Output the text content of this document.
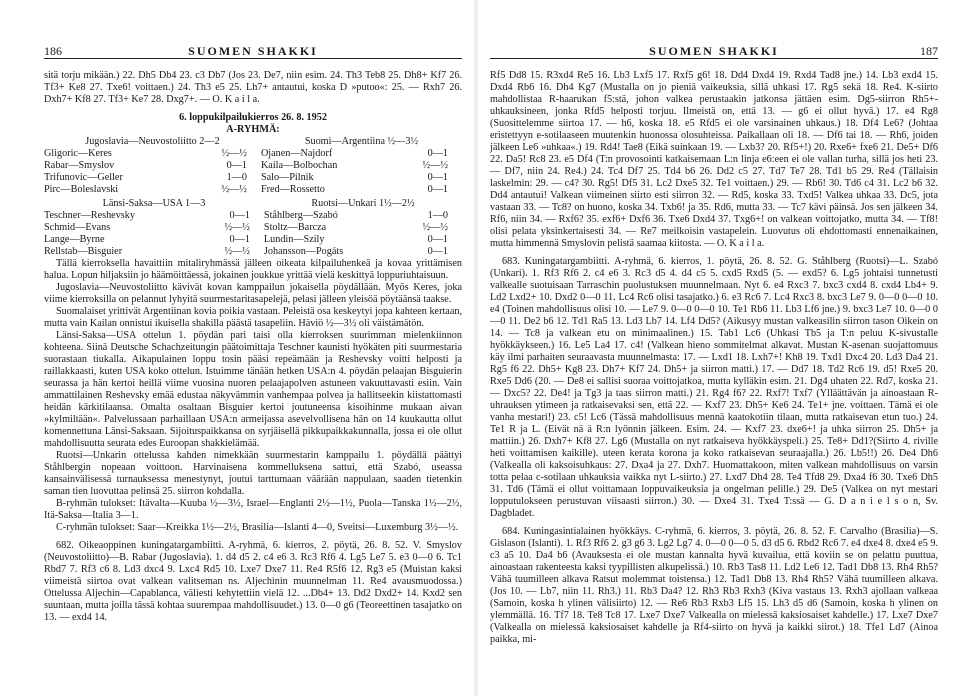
186	SUOMEN SHAKKI

sitä torju mikään.) 22. Dh5 Db4 23. c3 Db7 (Jos 23. De7, niin esim. 24. Th3 Teb8 25. Dh8+ Kf7 26. Tf3+ Ke8 27. Txe6! voittaen.) 24. Th3 e5 25. Lh7+ antautui, koska D »putoo«: 25. — Rxh7 26. Dxh7+ Kf8 27. Tf3+ Ke7 28. Dxg7+. — O. K a i l a.

6. loppukilpailukierros 26. 8. 1952

A-RYHMÄ:

Jugoslavia—Neuvostoliitto 2—2		Suomi—Argentiina ½—3½	
Gligoric—Keres	½—½	Ojanen—Najdorf	0—1
Rabar—Smyslov	0—1	Kaila—Bolbochan	½—½
Trifunovic—Geller	1—0	Salo—Pilnik	0—1
Pirc—Boleslavski	½—½	Fred—Rossetto	0—1
Länsi-Saksa—USA 1—3		Ruotsi—Unkari 1½—2½	
Teschner—Reshevsky	0—1	Ståhlberg—Szabó	1—0
Schmid—Evans	½—½	Stoltz—Barcza	½—½
Lange—Byrne	0—1	Lundin—Szily	0—1
Rellstab—Bisguier	½—½	Johansson—Pogáts	0—1

Tällä kierroksella havaittiin mitaliryhmässä jälleen oikeata kilpailuhenkeä ja kovaa yrittämisen halua. Lopun hiljaksiin jo häämöittäessä, jokainen joukkue yrittää vielä keskittyä loppuriuhtaisuun.

Jugoslavia—Neuvostoliitto kävivät kovan kamppailun jokaisella pöydällään. Myös Keres, joka viime kierroksilla on pelannut lyhyitä suurmestaritasapelejä, pelasi jälleen yleisöä pöytäänsä taakse.

Suomalaiset yrittivät Argentiinan kovia poikia vastaan. Peleistä osa keskeytyi jopa kahteen kertaan, mutta vain Kailan onnistui ikuisella shakilla päästä tasapeliin. Häviö ½—3½ oli väistämätön.

Länsi-Saksa—USA ottelun 1. pöydän pari taisi olla kierroksen suurimman mielenkiinnon kohteena. Siinä Deutsche Schachzeitungin päätoimittaja Teschner kaunisti hyökäten piti suurmestaria suorastaan tiukalla. Aikapulainen loppu tosin pääsi repeämään ja Reshevsky voitti helposti ja raillakkaasti, kuten USA koko ottelun. Istuimme tänään hetken USA:n 4. pöydän pelaajan Bisguierin seurassa ja hän kertoi heillä viime vuosina nuoren pelaajapolven astuneen vakuuttavasti esiin. Vain ammattilainen Reshevsky emää edustaa näkyvämmin vanhempaa polvea ja hallitseekin kiistattomasti heidän kärkitilaansa. Omalta osaltaan Bisguier kertoi joutuneensa kisoihinme mukaan aivan »kylmiltään«. Palvelussaan parhaillaan USA:n armeijassa asevelvollisena hän on 14 kuukautta ollut komennettuna Länsi-Saksaan. Sijoituspaikkansa on syrjäisellä pikkupaikkakunnalla, jossa ei ole ollut mahdollisuutta seurata edes Euroopan shakkielämää.

Ruotsi—Unkarin ottelussa kahden nimekkään suurmestarin kamppailu 1. pöydällä päättyi Ståhlbergin nopeaan voittoon. Harvinaisena kommelluksena sattui, että Szabó, useassa kansainvälisessä turnauksessa menestynyt, joutui tarttumaan väärään nappulaan, saaden tietenkin saman tien luovuttaa pelinsä 25. siirron kohdalla.

B-ryhmän tulokset: Itävalta—Kuuba ½—3½, Israel—Englanti 2½—1½, Puola—Tanska 1½—2½, Itä-Saksa—Italia 3—1.

C-ryhmän tulokset: Saar—Kreikka 1½—2½, Brasilia—Islanti 4—0, Sveitsi—Luxemburg 3½—½.

682. Oikeaoppinen kuningatargambiitti. A-ryhmä, 6. kierros, 2. pöytä, 26. 8. 52. V. Smyslov (Neuvostoliitto)—B. Rabar (Jugoslavia). 1. d4 d5 2. c4 e6 3. Rc3 Rf6 4. Lg5 Le7 5. e3 0—0 6. Tc1 Rbd7 7. Rf3 c6 8. Ld3 dxc4 9. Lxc4 Rd5 10. Lxe7 Dxe7 11. Re4 R5f6 12. Rg3 e5 (Muistan kaksi viimeistä siirtoa ovat valkean valitseman ns. Aljechinin muunnelman 11. Re4 avausmuodossa.) Ottelussa Aljechin—Capablanca, väliesti kehytettiin vielä 12. ...Db4+ 13. Dd2 Dxd2+ 14. Kxd2 sen suuntaan, mutta joilla tässä kohtaa suurempaa mahdollisuudet.) 13. 0—0 g6 (Teoreettinen tasajatko on 13. — exd4 14.

SUOMEN SHAKKI	187

Rf5 Dd8 15. R3xd4 Re5 16. Lb3 Lxf5 17. Rxf5 g6! 18. Dd4 Dxd4 19. Rxd4 Tad8 jne.) 14. Lb3 exd4 15. Dxd4 Rb6 16. Dh4 Kg7 (Mustalla on jo pieniä vaikeuksia, sillä uhkasi 17. Rg5 sekä 18. Re4. K-siirto mahdollistaa R-haarukan f5:stä, johon valkea perustaakin jatkonsa jättäen esim. Dg5-siirron Rh5+-uhkauksineen, jonka Rfd5 helposti torjuu. Ilmeistä on, että 13. — g6 ei ollut hyvä.) 17. e4 Rg8 (Suosittelemme siirtoa 17. — h6, koska 18. e5 Rfd5 ei ole varsinainen uhkaus.) 18. Df4 Le6? (Johtaa eristettyyn e-sotilaaseen muutenkin huonossa olosuhteissa. Paikallaan oli 18. — Df6 tai 18. — Rh6, joiden jälkeen Le6 »uhkaa«.) 19. Rd4! Tae8 (Eikä suinkaan 19. — Lxb3? 20. Rf5+!) 20. Rxe6+ fxe6 21. De5+ Df6 22. Da5! Rc8 23. e5 Df4 (T:n provosointi katkaisemaan L:n linja e6:een ei ole vallan turha, sillä jos heti 23. — Df7, niin 24. Re4.) 24. Tc4 Df7 25. Td4 b6 26. Dd2 c5 27. Td7 Te7 28. Td1 b5 29. Re4 (Tällaisin laskelmin: 29. — c4? 30. Rg5! Df5 31. Lc2 Dxe5 32. Te1 voittaen.) 29. — Rb6! 30. Td6 c4 31. Lc2 b6 32. Dd4 antautui! Valkean viimeinen siirto esti siirron 32. — Rd5, koska 33. Txd5! Valkea uhkaa 33. Dc5, jota vastaan 33. — Tc8? on huono, koska 34. Txb6! ja 35. Rd6, mutta 33. — Tc7 kävi päinsä. Jos sen jälkeen 34. Rf6, niin 34. — Rxf6? 35. exf6+ Dxf6 36. Txe6 Dxd4 37. Txg6+! on valkean voittojatko, mutta 34. — Tf8! olisi pelata yksinkertaisesti 34. — Re7 meilkoisin vastapelein. Luovutus oli ehdottomasti ennenaikainen, mutta himmennä Smyslovin pelistä saamaa kiitosta. — O. K a i l a.

683. Kuningatargambiitti. A-ryhmä, 6. kierros, 1. pöytä, 26. 8. 52. G. Ståhlberg (Ruotsi)—L. Szabó (Unkari). 1. Rf3 Rf6 2. c4 e6 3. Rc3 d5 4. d4 c5 5. cxd5 Rxd5 (5. — exd5? 6. Lg5 johtaisi tunnetusti valkealle suotuisaan Tarraschin puolustuksen muunnelmaan. Nyt 6. e4 Rxc3 7. bxc3 cxd4 8. cxd4 Lb4+ 9. Ld2 Lxd2+ 10. Dxd2 0—0 11. Lc4 Rc6 olisi tasajatko.) 6. e3 Rc6 7. Lc4 Rxc3 8. bxc3 Le7 9. 0—0 0—0 10. e4 (Toinen mahdollisuus olisi 10. — Le7 9. 0—0 0—0 10. Te1 Rb6 11. Lb3 Lf6 jne.) 9. bxc3 Le7 10. 0—0 0—0 11. De2 b6 12. Td1 Ra5 13. Ld3 Lb7 14. Lf4 Dd5? (Aikusyy mustan valkeasilin siirron tason Oikein on 14. — Tc8 ja valkean etu on minimaalinen.) 15. Tab1 Lc6 (Uhkasi Tb5 ja T:n peluu K-sivustalle hyökkäykseen.) 16. Le5 La4 17. c4! (Valkean hieno sommitelmat alkavat. Mustan K-asenan suojattomuus käy ilmi parhaiten seuraavasta muunnelmasta: 17. — Lxd1 18. Lxh7+! Kh8 19. Txd1 Dxc4 20. Ld3 Da4 21. Rg5 f6 22. Dh5+ Kg8 23. Dh7+ Kf7 24. Dh5+ ja siirron matti.) 17. — Dd7 18. Td2 Rc6 19. d5! Rxe5 20. Rxe5 Dd6 (20. — De8 ei sallisi suoraa voittojatkoa, mutta kylläkin esim. 21. Dg4 uhaten 22. Rd7, koska 21. — Dxc5? 22. De4! ja Tg3 ja taas siirron matti.) 21. Rg4 f6? 22. Rxf7! Txf7 (Ylläättävän ja ainoastaan R-uhrauksen ytimeen ja ratkaisevaksi sen, että 22. — Kxf7 23. Dh5+ Ke6 24. Te1+ jne. voittaen. Tämä ei ole vanha mestari!) 23. c5! Lc6 (Tässä mahdollisuus mennä kaatokotiin tilaan, mutta ratkaisevan etun tuo.) 24. Te1 R ja L. (Eivät nä ä R:n lyönnin jälkeen. Esim. 24. — Kxf7 23. dxe6+! ja uhka siirron 25. Dh5+ ja mattiin.) 26. Dxh7+ Kf8 27. Lg6 (Mustalla on nyt ratkaiseva hyökkäyspeli.) 25. Te8+ Dd1?(Siirto 4. riville heti voittamisen kaikille). uteen kerata korona ja koko ratkaisevan seuraajalla.) 26. Lb5!!) 26. De4 Dh6 (Valkealla oli kaksoisuhkaus: 27. Dxa4 ja 27. Dxh7. Huomattakoon, miten valkean mahdollisuus on varsin totta pelaa c-sotilaan uhkauksia vaikka nyt L-siirto.) 27. Lxd7 Dh4 28. Te4 Tfd8 29. Dxa4 f6 30. Txe6 Dh5 31. Td6 (Tämä ei ollut voittamaan loppuvaikeuksia ja ongelman pelille.) 29. De5 (Valkea on nyt mestari lopputulokseen perustuvan viisaasti siirron.) 30. — Dxe4 31. Txe4 T:ssä — G. D a n i e l s o n, Sv. Dagbladet.

684. Kuningasintialainen hyökkäys. C-ryhmä, 6. kierros, 3. pöytä, 26. 8. 52. F. Carvalho (Brasilia)—S. Gislason (Islanti). 1. Rf3 Rf6 2. g3 g6 3. Lg2 Lg7 4. 0—0 0—0 5. d3 d5 6. Rbd2 Rc6 7. e4 dxe4 8. dxe4 e5 9. c3 a5 10. Da4 b6 (Avauksesta ei ole mustan kannalta hyvä kuvailua, että koviin se on pelattu puuttua, ainoastaan rakenteesta kaksi tyypillisten alkupelissä.) 10. Rb3 Tas8 11. Ld2 Le6 12. Tad1 Db8 13. Rh4 Rh5? Vähä tuumilleen alkava Ratsut molemmat toistensa.) 12. Tad1 Db8 13. Rh4 Rh5? Vähä tuumilleen alkava. (Jos 10. — Lb7, niin 11. Rh3.) 11. Rb3 Da4? 12. Rh3 Rb3 Rxh3 (Kiva vastaus 13. Rxh3 ajollaan valkeaa (Samoin, koska h ylinen välisiirto) 12. — Re6 Rb3 Rxb3 Lf5 15. Lh3 d5 d6 (Samoin, koska h ylinen on ylemmällä. 16. Tf7 18. Te8 Tc8 17. Lxe7 Dxe7 Valkealla on mielessä kaksiosaiset kahdelle.) 17. Lxe7 Dxe7 (Valkealla on mielessä kaksiosaiset kahdelle ja Rf4-siirto on hyvä ja kaikki siirot.) 18. Tfe1 Ld7 (Ainoa paikka, mi-
